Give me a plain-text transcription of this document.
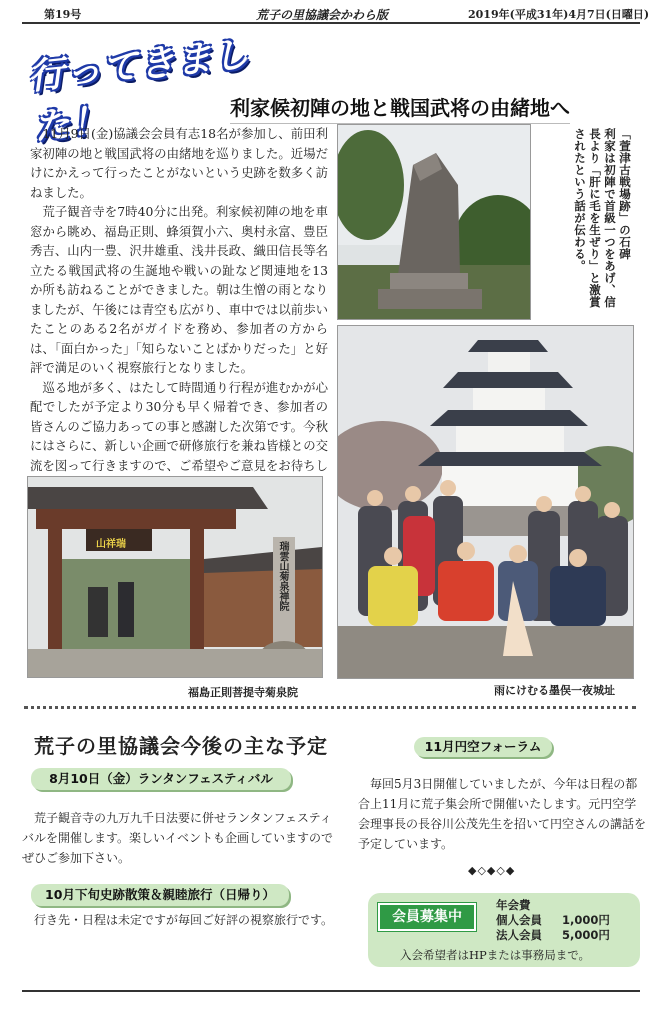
第19号	荒子の里協議会かわら版	2019年(平成31年)4月7日(日曜日)
行ってきました！	利家候初陣の地と戦国武将の由緒地へ

11月9日(金)協議会会員有志18名が参加し、前田利家初陣の地と戦国武将の由緒地を巡りました。近場だけにかえって行ったことがないという史跡を数多く訪ねました。

荒子観音寺を7時40分に出発。利家候初陣の地を車窓から眺め、福島正則、蜂須賀小六、奥村永富、豊臣秀吉、山内一豊、沢井雄重、浅井長政、織田信長等名立たる戦国武将の生誕地や戦いの趾など関連地を13か所も訪ねることができました。朝は生憎の雨となりましたが、午後には青空も広がり、車中では以前歩いたことのある2名がガイドを務め、参加者の方からは、「面白かった」「知らないことばかりだった」と好評で満足のいく視察旅行となりました。

巡る地が多く、はたして時間通り行程が進むかが心配でしたが予定より30分も早く帰着でき、参加者の皆さんのご協力あっての事と感謝した次第です。今秋にはさらに、新しい企画で研修旅行を兼ね皆様との交流を図って行きますので、ご希望やご意見をお待ちし

「萱津古戦場跡」の石碑
利家は初陣で首級一つをあげ、信
長より「肝に毛を生ぜり」と激賞
されたという話が伝わる。
山祥瑞	瑞雲山菊泉禅院
福島正則菩提寺菊泉院	雨にけむる墨俣一夜城址
荒子の里協議会今後の主な予定
8月10日（金）ランタンフェスティバル

荒子観音寺の九万九千日法要に併せランタンフェスティバルを開催します。楽しいイベントも企画していますのでぜひご参加下さい。

10月下旬史跡散策＆親睦旅行（日帰り）

行き先・日程は未定ですが毎回ご好評の視察旅行です。

11月円空フォーラム

毎回5月3日開催していましたが、今年は日程の都合上11月に荒子集会所で開催いたします。元円空学会理事長の長谷川公茂先生を招いて円空さんの講話を予定しています。

◆◇◆◇◆
会員募集中
年会費
個人会員 1,000円
法人会員 5,000円
入会希望者はHPまたは事務局まで。
